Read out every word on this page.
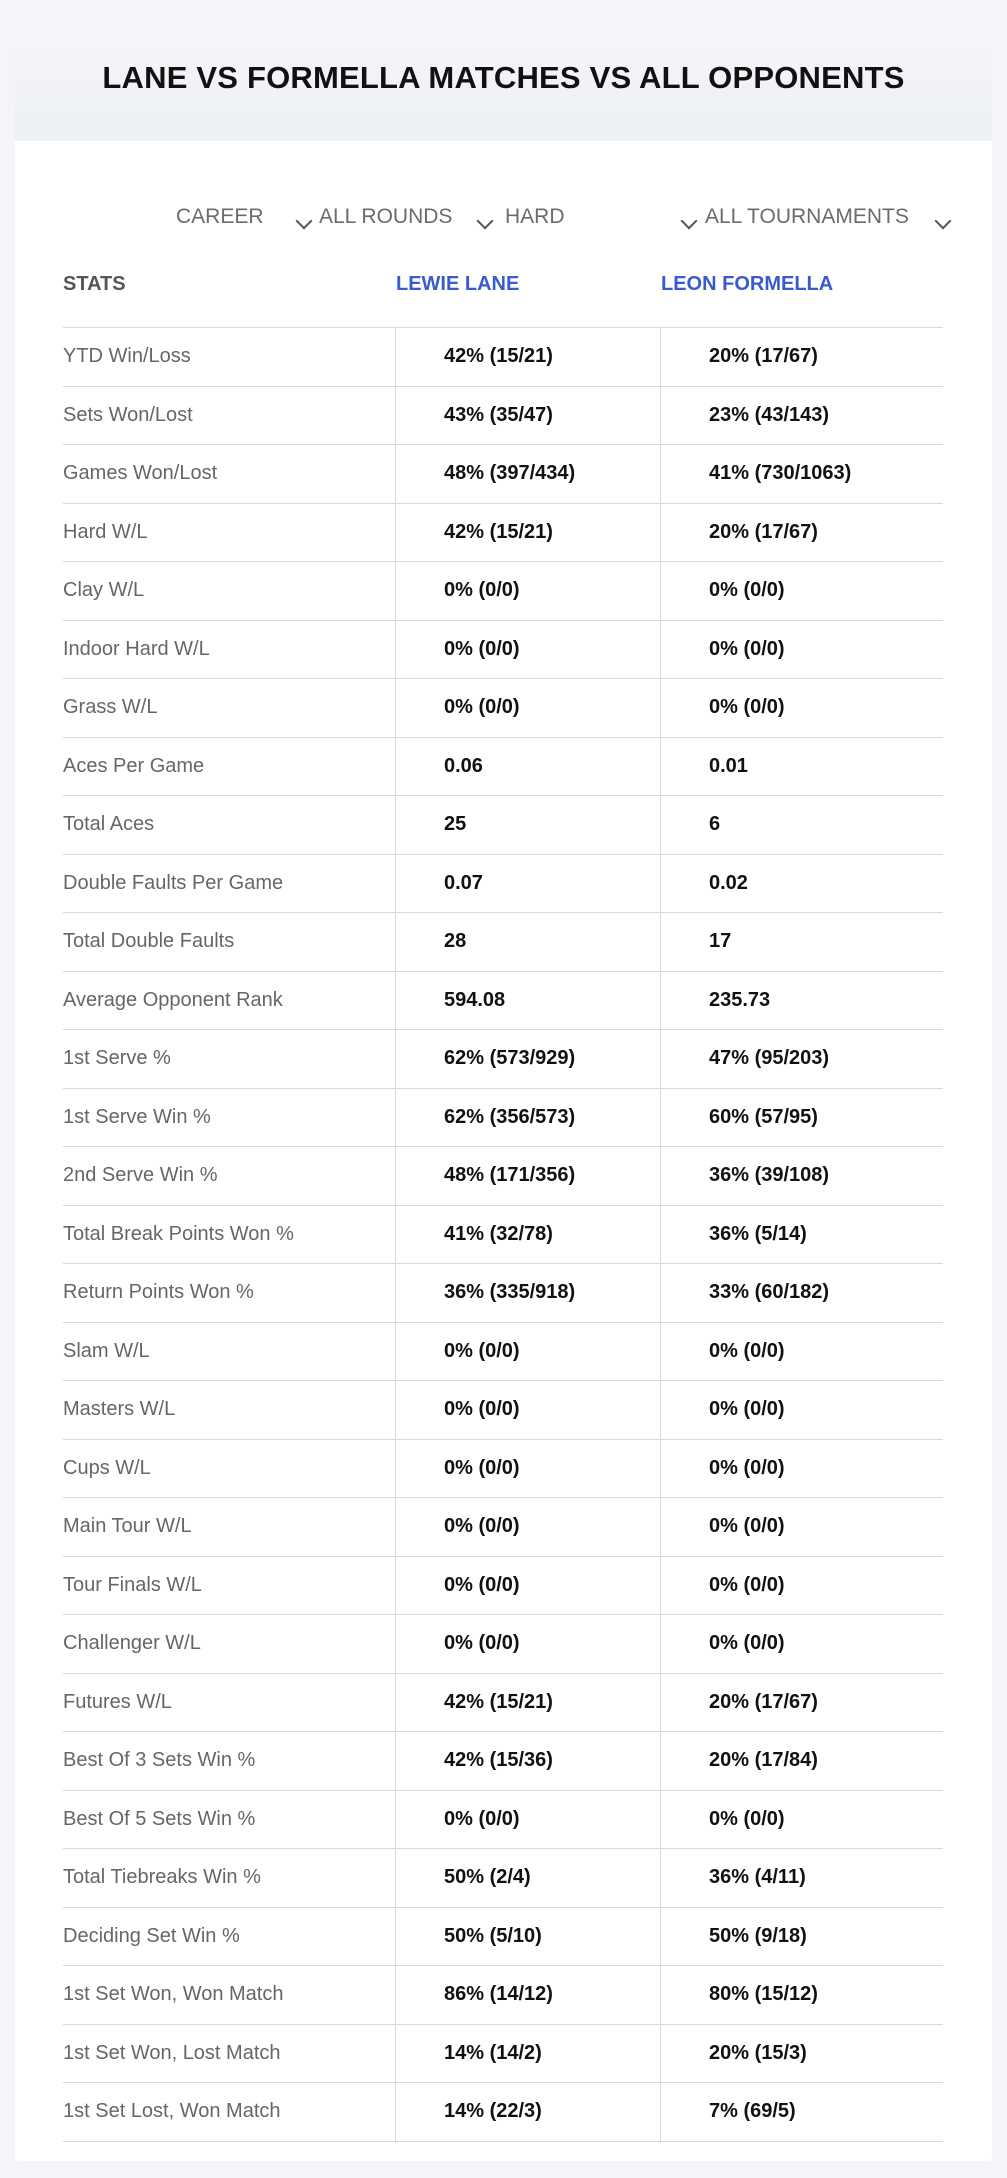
LANE VS FORMELLA MATCHES VS ALL OPPONENTS
CAREER	ALL ROUNDS	HARD	ALL TOURNAMENTS
STATS	LEWIE LANE	LEON FORMELLA
YTD Win/Loss	42% (15/21)	20% (17/67)
Sets Won/Lost	43% (35/47)	23% (43/143)
Games Won/Lost	48% (397/434)	41% (730/1063)
Hard W/L	42% (15/21)	20% (17/67)
Clay W/L	0% (0/0)	0% (0/0)
Indoor Hard W/L	0% (0/0)	0% (0/0)
Grass W/L	0% (0/0)	0% (0/0)
Aces Per Game	0.06	0.01
Total Aces	25	6
Double Faults Per Game	0.07	0.02
Total Double Faults	28	17
Average Opponent Rank	594.08	235.73
1st Serve %	62% (573/929)	47% (95/203)
1st Serve Win %	62% (356/573)	60% (57/95)
2nd Serve Win %	48% (171/356)	36% (39/108)
Total Break Points Won %	41% (32/78)	36% (5/14)
Return Points Won %	36% (335/918)	33% (60/182)
Slam W/L	0% (0/0)	0% (0/0)
Masters W/L	0% (0/0)	0% (0/0)
Cups W/L	0% (0/0)	0% (0/0)
Main Tour W/L	0% (0/0)	0% (0/0)
Tour Finals W/L	0% (0/0)	0% (0/0)
Challenger W/L	0% (0/0)	0% (0/0)
Futures W/L	42% (15/21)	20% (17/67)
Best Of 3 Sets Win %	42% (15/36)	20% (17/84)
Best Of 5 Sets Win %	0% (0/0)	0% (0/0)
Total Tiebreaks Win %	50% (2/4)	36% (4/11)
Deciding Set Win %	50% (5/10)	50% (9/18)
1st Set Won, Won Match	86% (14/12)	80% (15/12)
1st Set Won, Lost Match	14% (14/2)	20% (15/3)
1st Set Lost, Won Match	14% (22/3)	7% (69/5)
